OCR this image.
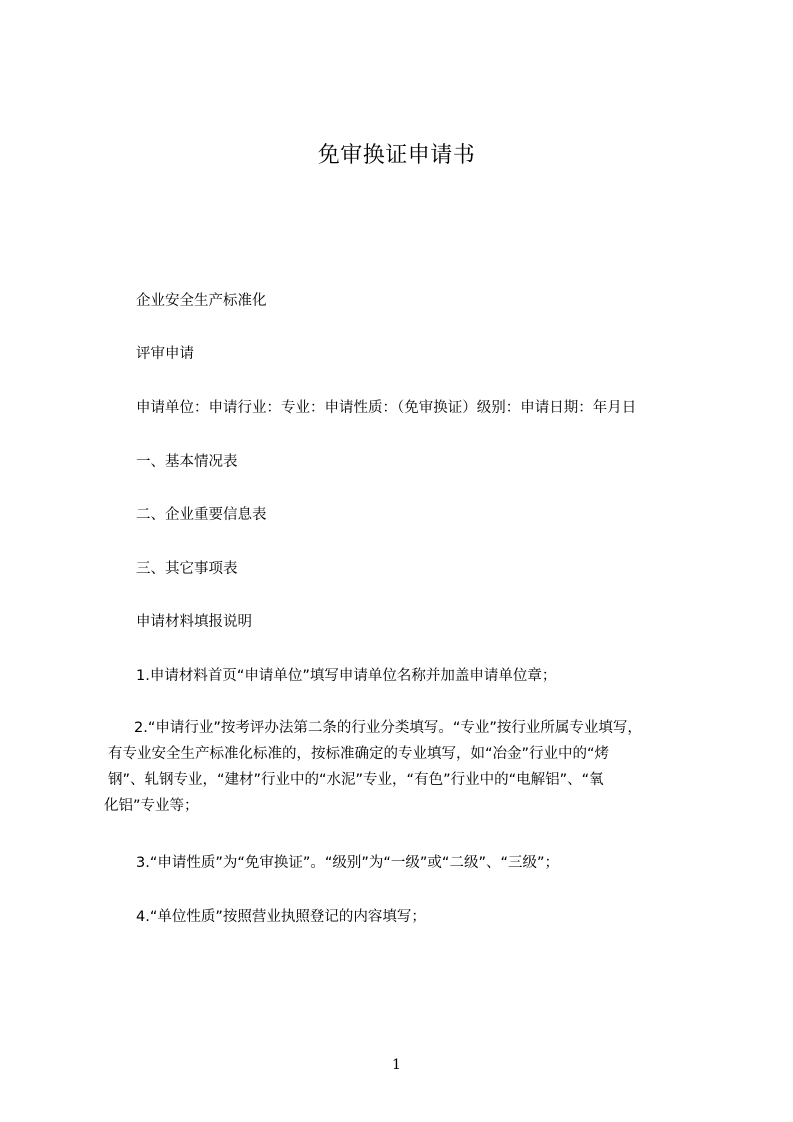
免审换证申请书
企业安全生产标准化
评审申请
申请单位：申请行业：专业：申请性质：（免审换证）级别：申请日期：年月日
一、基本情况表
二、企业重要信息表
三、其它事项表
申请材料填报说明
1.申请材料首页“申请单位”填写申请单位名称并加盖申请单位章；
2.“申请行业”按考评办法第二条的行业分类填写。“专业”按行业所属专业填写，
有专业安全生产标准化标准的，按标准确定的专业填写，如“冶金”行业中的“烤
钢”、轧钢专业，“建材”行业中的“水泥”专业，“有色”行业中的“电解铝”、“氧
化铝”专业等；
3.“申请性质”为“免审换证”。“级别”为“一级”或“二级”、“三级”；
4.“单位性质”按照营业执照登记的内容填写；
1
